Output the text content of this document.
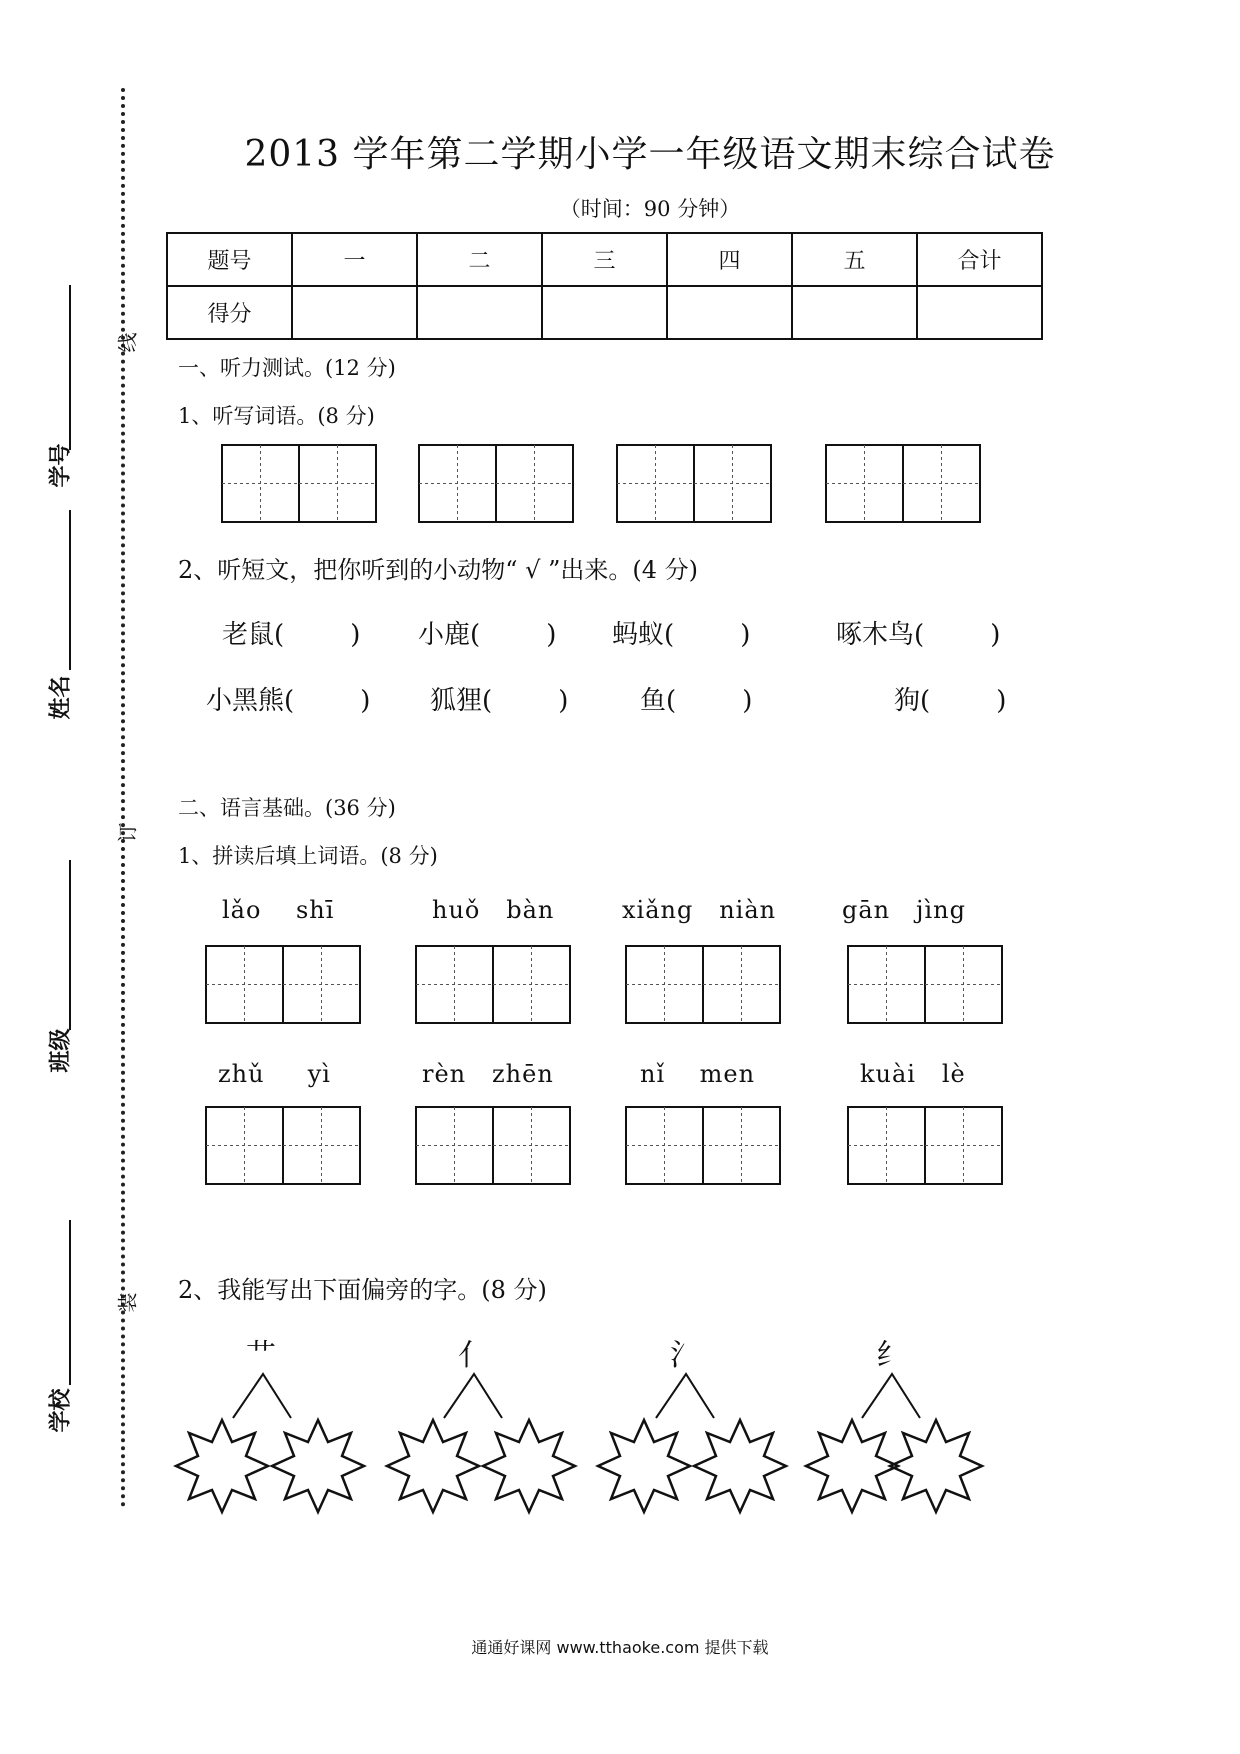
线
订
装
学号
姓名
班级
学校
2013 学年第二学期小学一年级语文期末综合试卷
（时间：90 分钟）
题号	一	二	三	四	五	合计
得分						
一、听力测试。(12 分)
1、听写词语。(8 分)
2、听短文，把你听到的小动物“ √ ”出来。(4 分)
老鼠(        ) 小鹿(        ) 蚂蚁(        )	啄木鸟(        )
小黑熊(        ) 狐狸(        )	鱼(        )	狗(        )
二、语言基础。(36 分)
1、拼读后填上词语。(8 分)
lǎo    shī	huǒ   bàn	xiǎng   niàn	gān   jìng
zhǔ     yì	rèn   zhēn	nǐ    men	kuài   lè
2、我能写出下面偏旁的字。(8 分)
艹	亻	氵	纟
通通好课网 www.tthaoke.com 提供下载
